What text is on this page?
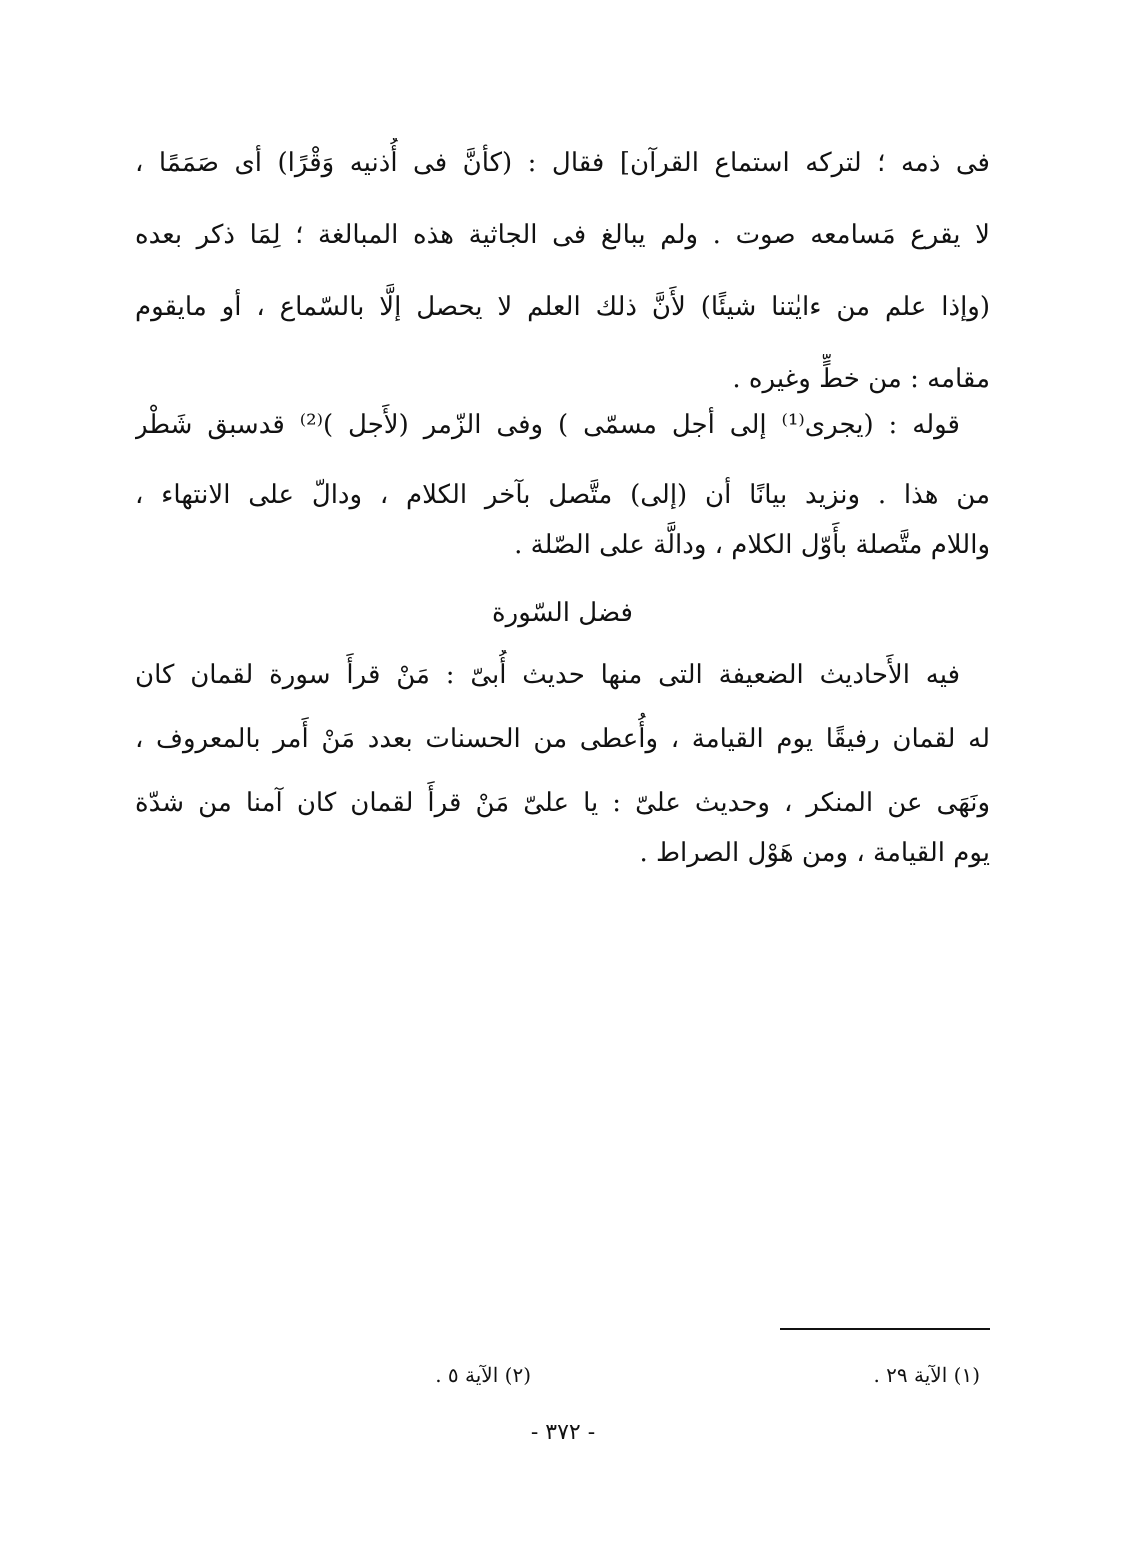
فى ذمه ؛ لتركه استماع القرآن] فقال : (كأنَّ فى أُذنيه وَقْرًا) أى صَمَمًا ،
لا يقرع مَسامعه صوت . ولم يبالغ فى الجاثية هذه المبالغة ؛ لِمَا ذكر بعده
(وإذا علم من ءايٰتنا شيئًا) لأَنَّ ذلك العلم لا يحصل إلَّا بالسّماع ، أو مايقوم
مقامه : من خطٍّ وغيره .
قوله : (يجرى⁽¹⁾ إلى أجل مسمّى ) وفى الزّمر (لأَجل )⁽²⁾ قدسبق شَطْر
من هذا . ونزيد بيانًا أن (إلى) متَّصل بآخر الكلام ، ودالّ على الانتهاء ،
واللام متَّصلة بأَوّل الكلام ، ودالَّة على الصّلة .
فضل السّورة
فيه الأَحاديث الضعيفة التى منها حديث أُبىّ : مَنْ قرأَ سورة لقمان كان
له لقمان رفيقًا يوم القيامة ، وأُعطى من الحسنات بعدد مَنْ أَمر بالمعروف ،
ونَهَى عن المنكر ، وحديث علىّ : يا علىّ مَنْ قرأَ لقمان كان آمنا من شدّة
يوم القيامة ، ومن هَوْل الصراط .
(١) الآية ٢٩ .
(٢) الآية ٥ .
- ٣٧٢ -
